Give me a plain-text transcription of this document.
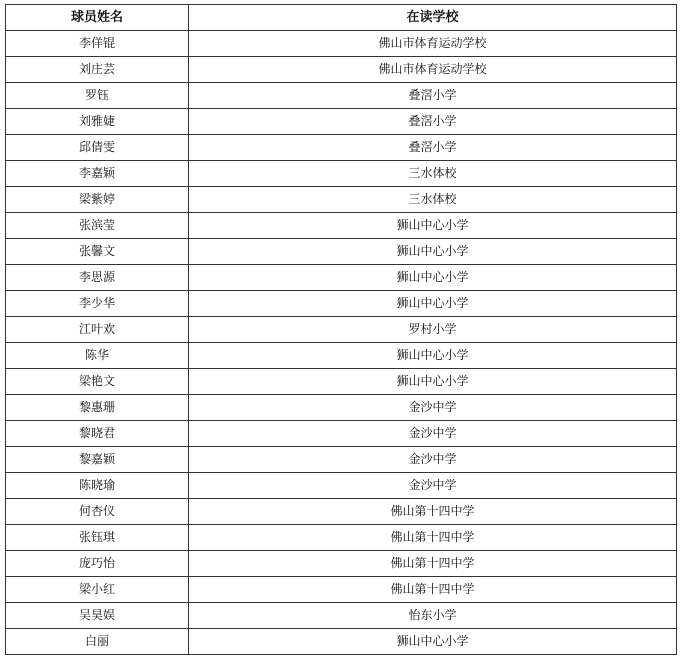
球员姓名	在读学校
李佯锟	佛山市体育运动学校
刘庄芸	佛山市体育运动学校
罗钰	叠滘小学
刘雅婕	叠滘小学
邱倩雯	叠滘小学
李嘉颖	三水体校
梁紫婷	三水体校
张滨莹	狮山中心小学
张馨文	狮山中心小学
李思源	狮山中心小学
李少华	狮山中心小学
江叶欢	罗村小学
陈华	狮山中心小学
梁艳文	狮山中心小学
黎惠珊	金沙中学
黎晓君	金沙中学
黎嘉颖	金沙中学
陈晓瑜	金沙中学
何杏仪	佛山第十四中学
张钰琪	佛山第十四中学
庞巧怡	佛山第十四中学
梁小红	佛山第十四中学
吴昊娱	怡东小学
白丽	狮山中心小学
